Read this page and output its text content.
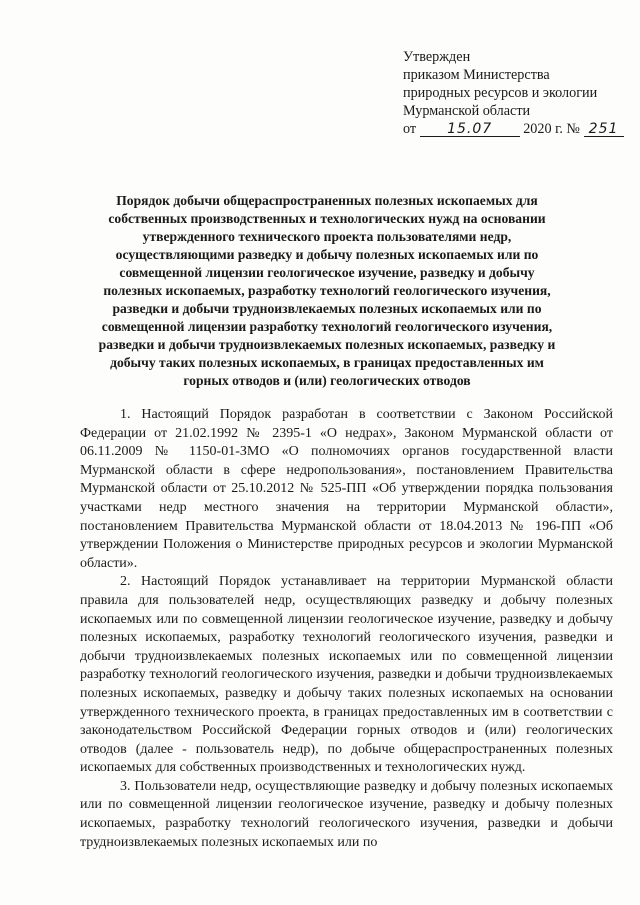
Утвержден
приказом Министерства
природных ресурсов и экологии
Мурманской области
от 15.07 2020 г. № 251
Порядок добычи общераспространенных полезных ископаемых для собственных производственных и технологических нужд на основании утвержденного технического проекта пользователями недр, осуществляющими разведку и добычу полезных ископаемых или по совмещенной лицензии геологическое изучение, разведку и добычу полезных ископаемых, разработку технологий геологического изучения, разведки и добычи трудноизвлекаемых полезных ископаемых или по совмещенной лицензии разработку технологий геологического изучения, разведки и добычи трудноизвлекаемых полезных ископаемых, разведку и добычу таких полезных ископаемых, в границах предоставленных им горных отводов и (или) геологических отводов

1. Настоящий Порядок разработан в соответствии с Законом Российской Федерации от 21.02.1992 № 2395-1 «О недрах», Законом Мурманской области от 06.11.2009 № 1150-01-ЗМО «О полномочиях органов государственной власти Мурманской области в сфере недропользования», постановлением Правительства Мурманской области от 25.10.2012 № 525-ПП «Об утверждении порядка пользования участками недр местного значения на территории Мурманской области», постановлением Правительства Мурманской области от 18.04.2013 № 196-ПП «Об утверждении Положения о Министерстве природных ресурсов и экологии Мурманской области».

2. Настоящий Порядок устанавливает на территории Мурманской области правила для пользователей недр, осуществляющих разведку и добычу полезных ископаемых или по совмещенной лицензии геологическое изучение, разведку и добычу полезных ископаемых, разработку технологий геологического изучения, разведки и добычи трудноизвлекаемых полезных ископаемых или по совмещенной лицензии разработку технологий геологического изучения, разведки и добычи трудноизвлекаемых полезных ископаемых, разведку и добычу таких полезных ископаемых на основании утвержденного технического проекта, в границах предоставленных им в соответствии с законодательством Российской Федерации горных отводов и (или) геологических отводов (далее - пользователь недр), по добыче общераспространенных полезных ископаемых для собственных производственных и технологических нужд.

3. Пользователи недр, осуществляющие разведку и добычу полезных ископаемых или по совмещенной лицензии геологическое изучение, разведку и добычу полезных ископаемых, разработку технологий геологического изучения, разведки и добычи трудноизвлекаемых полезных ископаемых или по
